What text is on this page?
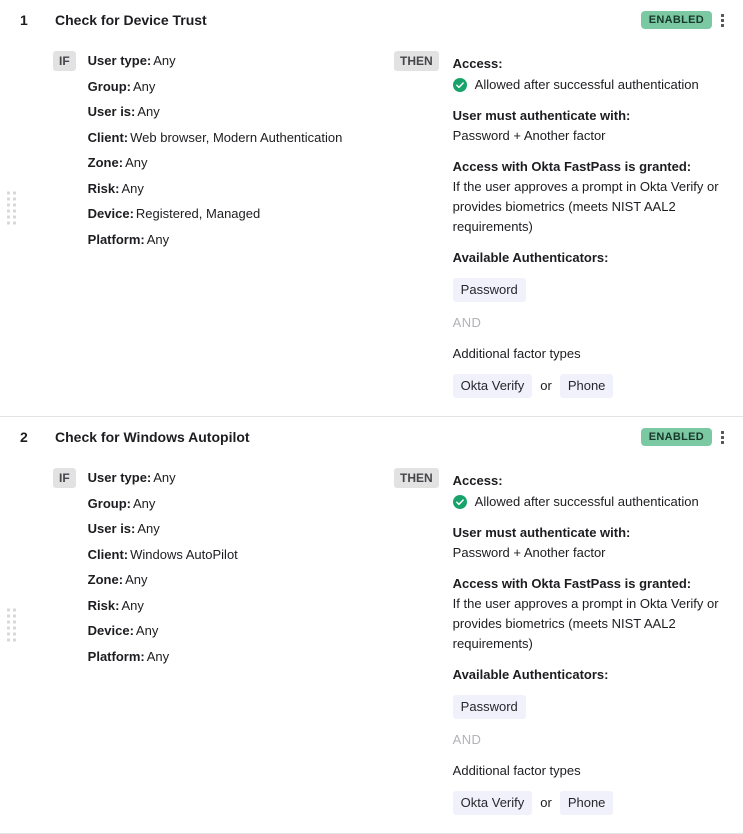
1	Check for Device Trust	ENABLED
IF	User type: Any

Group: Any

User is: Any

Client: Web browser, Modern Authentication

Zone: Any

Risk: Any

Device: Registered, Managed

Platform: Any

THEN	Access:

Allowed after successful authentication

User must authenticate with:

Password + Another factor

Access with Okta FastPass is granted:

If the user approves a prompt in Okta Verify or provides biometrics (meets NIST AAL2 requirements)

Available Authenticators:

Password

AND

Additional factor types

Okta Verify	or	Phone

2	Check for Windows Autopilot	ENABLED
IF	User type: Any

Group: Any

User is: Any

Client: Windows AutoPilot

Zone: Any

Risk: Any

Device: Any

Platform: Any

THEN	Access:

Allowed after successful authentication

User must authenticate with:

Password + Another factor

Access with Okta FastPass is granted:

If the user approves a prompt in Okta Verify or provides biometrics (meets NIST AAL2 requirements)

Available Authenticators:

Password

AND

Additional factor types

Okta Verify	or	Phone
